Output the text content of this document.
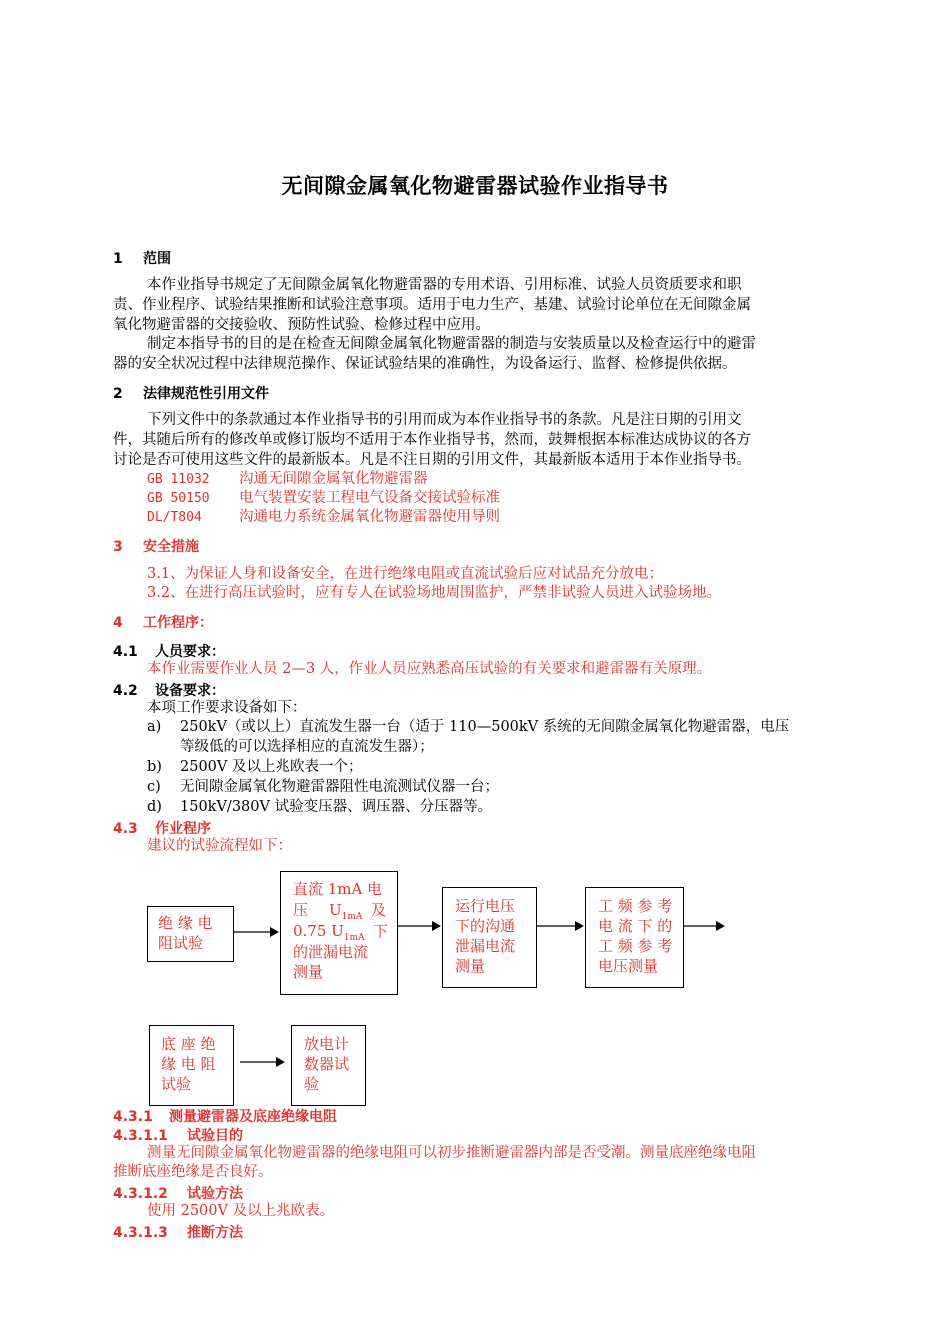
无间隙金属氧化物避雷器试验作业指导书
1 范围
本作业指导书规定了无间隙金属氧化物避雷器的专用术语、引用标准、试验人员资质要求和职
责、作业程序、试验结果推断和试验注意事项。适用于电力生产、基建、试验讨论单位在无间隙金属
氧化物避雷器的交接验收、预防性试验、检修过程中应用。
制定本指导书的目的是在检查无间隙金属氧化物避雷器的制造与安装质量以及检查运行中的避雷
器的安全状况过程中法律规范操作、保证试验结果的准确性，为设备运行、监督、检修提供依据。
2 法律规范性引用文件
下列文件中的条款通过本作业指导书的引用而成为本作业指导书的条款。凡是注日期的引用文
件，其随后所有的修改单或修订版均不适用于本作业指导书，然而，鼓舞根据本标准达成协议的各方
讨论是否可使用这些文件的最新版本。凡是不注日期的引用文件，其最新版本适用于本作业指导书。
GB 11032 沟通无间隙金属氧化物避雷器
GB 50150 电气装置安装工程电气设备交接试验标准
DL/T804	沟通电力系统金属氧化物避雷器使用导则
3 安全措施
3.1、为保证人身和设备安全，在进行绝缘电阻或直流试验后应对试品充分放电；
3.2、在进行高压试验时，应有专人在试验场地周围监护，严禁非试验人员进入试验场地。
4 工作程序：
4.1 人员要求：
本作业需要作业人员 2—3 人，作业人员应熟悉高压试验的有关要求和避雷器有关原理。
4.2 设备要求：
本项工作要求设备如下：
a) 250kV（或以上）直流发生器一台（适于 110—500kV 系统的无间隙金属氧化物避雷器，电压
等级低的可以选择相应的直流发生器）；
b) 2500V 及以上兆欧表一个；
c) 无间隙金属氧化物避雷器阻性电流测试仪器一台；
d) 150kV/380V 试验变压器、调压器、分压器等。
4.3 作业程序
建议的试验流程如下：
绝 缘 电
阻试验
直流 1mA 电
压 $U_{1mA}$ 及
0.75 $U_{1mA}$ 下
的泄漏电流
测量
运行电压
下的沟通
泄漏电流
测量
工 频 参 考
电 流 下 的
工 频 参 考
电压测量
底 座 绝
缘 电 阻
试验
放电计
数器试
验
4.3.1 测量避雷器及底座绝缘电阻
4.3.1.1 试验目的
测量无间隙金属氧化物避雷器的绝缘电阻可以初步推断避雷器内部是否受潮。测量底座绝缘电阻
推断底座绝缘是否良好。
4.3.1.2 试验方法
使用 2500V 及以上兆欧表。
4.3.1.3 推断方法
